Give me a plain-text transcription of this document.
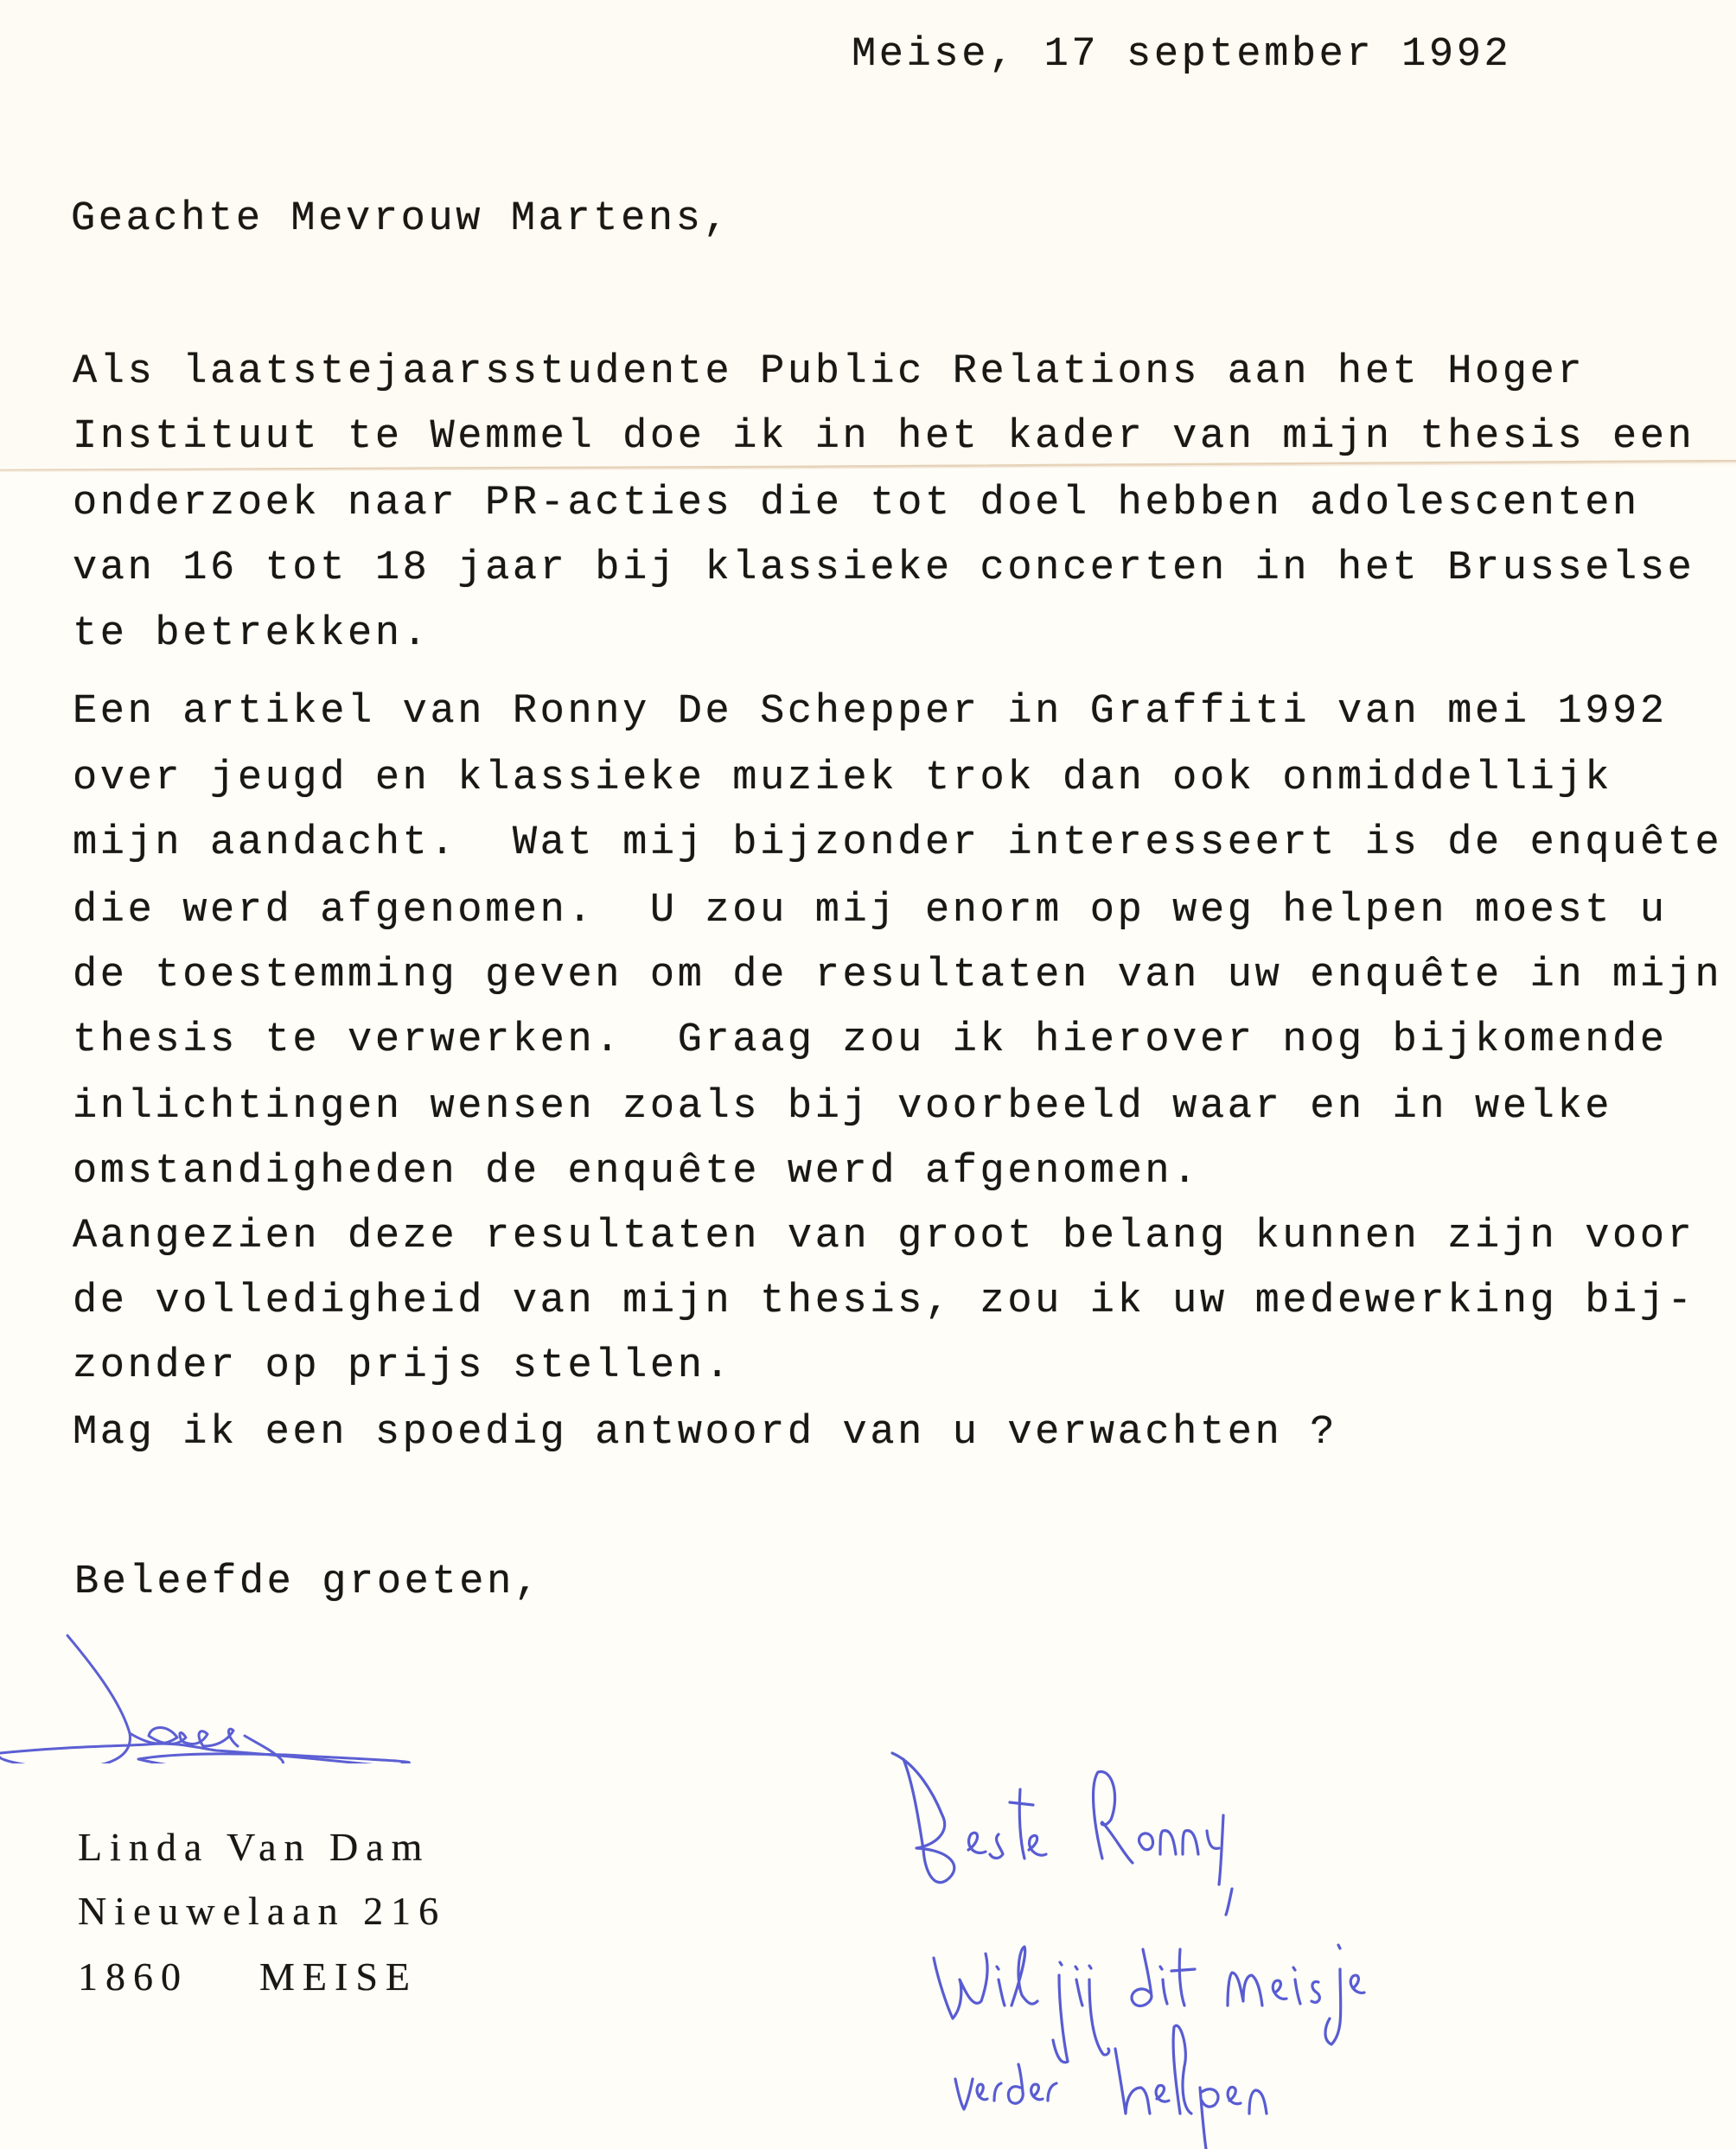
Meise, 17 september 1992
Geachte Mevrouw Martens,
Als laatstejaarsstudente Public Relations aan het Hoger
Instituut te Wemmel doe ik in het kader van mijn thesis een
onderzoek naar PR-acties die tot doel hebben adolescenten
van 16 tot 18 jaar bij klassieke concerten in het Brusselse
te betrekken.
Een artikel van Ronny De Schepper in Graffiti van mei 1992
over jeugd en klassieke muziek trok dan ook onmiddellijk
mijn aandacht.  Wat mij bijzonder interesseert is de enquête
die werd afgenomen.  U zou mij enorm op weg helpen moest u
de toestemming geven om de resultaten van uw enquête in mijn
thesis te verwerken.  Graag zou ik hierover nog bijkomende
inlichtingen wensen zoals bij voorbeeld waar en in welke
omstandigheden de enquête werd afgenomen.
Aangezien deze resultaten van groot belang kunnen zijn voor
de volledigheid van mijn thesis, zou ik uw medewerking bij-
zonder op prijs stellen.
Mag ik een spoedig antwoord van u verwachten ?
Beleefde groeten,
Linda Van Dam
Nieuwelaan 216
1860    MEISE
